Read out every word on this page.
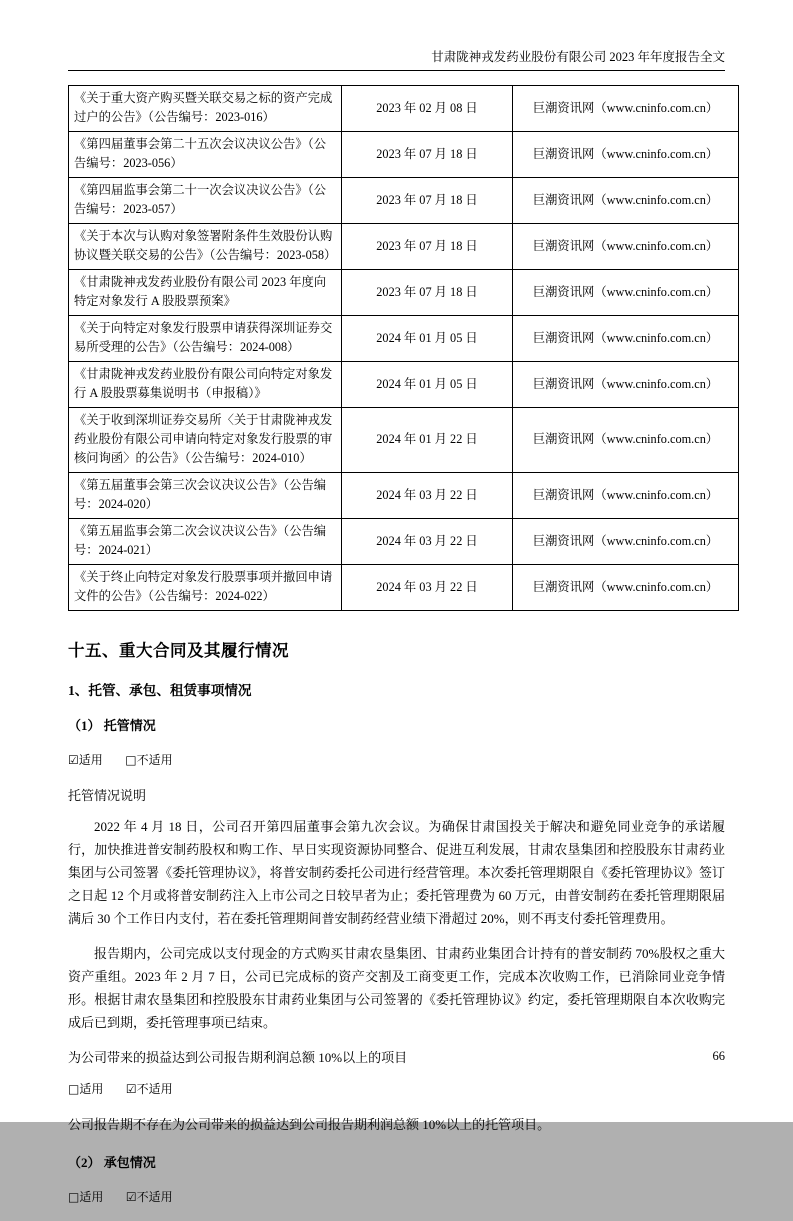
甘肃陇神戎发药业股份有限公司 2023 年年度报告全文
《关于重大资产购买暨关联交易之标的资产完成过户的公告》（公告编号：2023-016）	2023 年 02 月 08 日	巨潮资讯网（www.cninfo.com.cn）
《第四届董事会第二十五次会议决议公告》（公告编号：2023-056）	2023 年 07 月 18 日	巨潮资讯网（www.cninfo.com.cn）
《第四届监事会第二十一次会议决议公告》（公告编号：2023-057）	2023 年 07 月 18 日	巨潮资讯网（www.cninfo.com.cn）
《关于本次与认购对象签署附条件生效股份认购协议暨关联交易的公告》（公告编号：2023-058）	2023 年 07 月 18 日	巨潮资讯网（www.cninfo.com.cn）
《甘肃陇神戎发药业股份有限公司 2023 年度向特定对象发行 A 股股票预案》	2023 年 07 月 18 日	巨潮资讯网（www.cninfo.com.cn）
《关于向特定对象发行股票申请获得深圳证券交易所受理的公告》（公告编号：2024-008）	2024 年 01 月 05 日	巨潮资讯网（www.cninfo.com.cn）
《甘肃陇神戎发药业股份有限公司向特定对象发行 A 股股票募集说明书（申报稿）》	2024 年 01 月 05 日	巨潮资讯网（www.cninfo.com.cn）
《关于收到深圳证券交易所〈关于甘肃陇神戎发药业股份有限公司申请向特定对象发行股票的审核问询函〉的公告》（公告编号：2024-010）	2024 年 01 月 22 日	巨潮资讯网（www.cninfo.com.cn）
《第五届董事会第三次会议决议公告》（公告编号：2024-020）	2024 年 03 月 22 日	巨潮资讯网（www.cninfo.com.cn）
《第五届监事会第二次会议决议公告》（公告编号：2024-021）	2024 年 03 月 22 日	巨潮资讯网（www.cninfo.com.cn）
《关于终止向特定对象发行股票事项并撤回申请文件的公告》（公告编号：2024-022）	2024 年 03 月 22 日	巨潮资讯网（www.cninfo.com.cn）
十五、重大合同及其履行情况
1、托管、承包、租赁事项情况
（1） 托管情况
☑适用 □不适用

托管情况说明

2022 年 4 月 18 日，公司召开第四届董事会第九次会议。为确保甘肃国投关于解决和避免同业竞争的承诺履行，加快推进普安制药股权和购工作、早日实现资源协同整合、促进互利发展，甘肃农垦集团和控股股东甘肃药业集团与公司签署《委托管理协议》，将普安制药委托公司进行经营管理。本次委托管理期限自《委托管理协议》签订之日起 12 个月或将普安制药注入上市公司之日较早者为止；委托管理费为 60 万元，由普安制药在委托管理期限届满后 30 个工作日内支付，若在委托管理期间普安制药经营业绩下滑超过 20%，则不再支付委托管理费用。

报告期内，公司完成以支付现金的方式购买甘肃农垦集团、甘肃药业集团合计持有的普安制药 70%股权之重大资产重组。2023 年 2 月 7 日，公司已完成标的资产交割及工商变更工作，完成本次收购工作，已消除同业竞争情形。根据甘肃农垦集团和控股股东甘肃药业集团与公司签署的《委托管理协议》约定，委托管理期限自本次收购完成后已到期，委托管理事项已结束。

为公司带来的损益达到公司报告期利润总额 10%以上的项目

□适用 ☑不适用

公司报告期不存在为公司带来的损益达到公司报告期利润总额 10%以上的托管项目。

（2） 承包情况
□适用 ☑不适用
66
